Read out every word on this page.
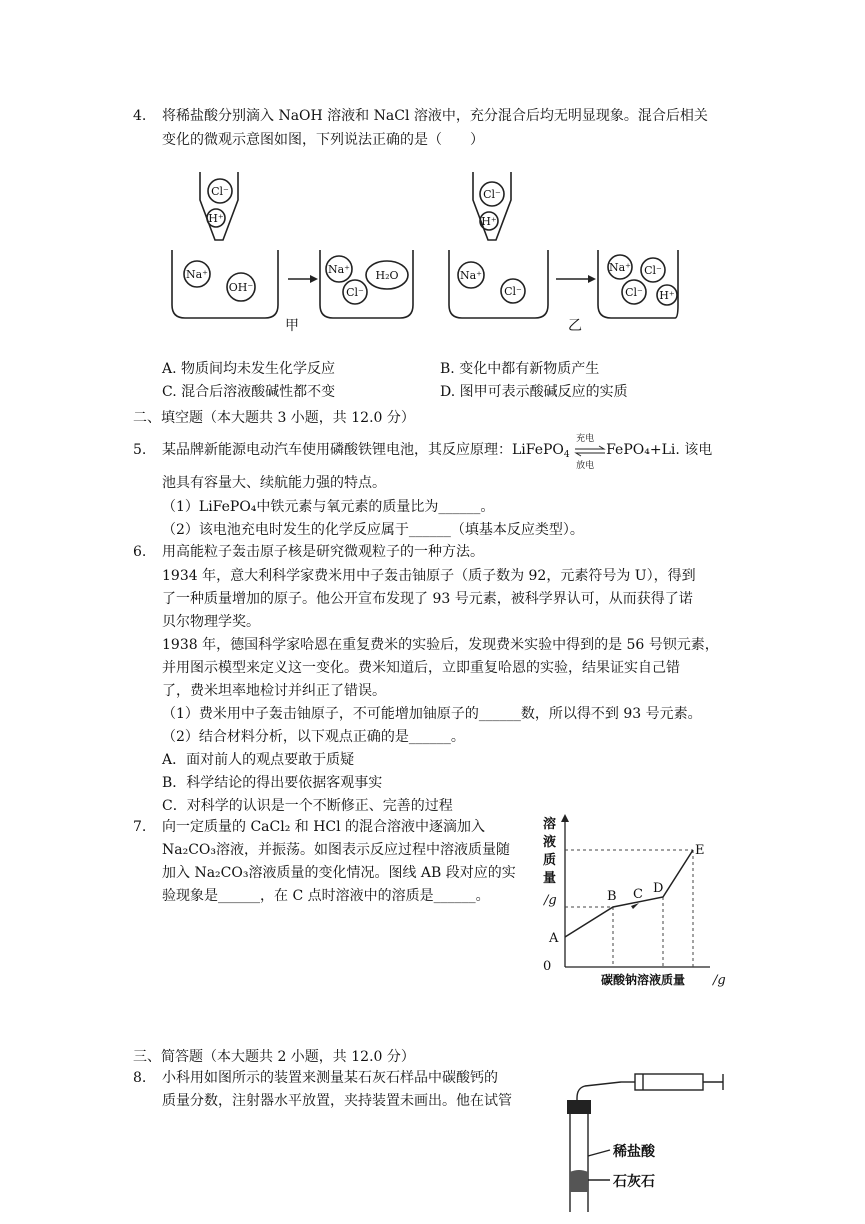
4. 将稀盐酸分别滴入 NaOH 溶液和 NaCl 溶液中，充分混合后均无明显现象。混合后相关
变化的微观示意图如图，下列说法正确的是（　　）
Cl⁻
H⁺
Na⁺
OH⁻
Na⁺ H₂O
Cl⁻
Cl⁻
H⁺
Na⁺
Cl⁻
Na⁺ Cl⁻
Cl⁻ H⁺
甲	乙
A. 物质间均未发生化学反应	B. 变化中都有新物质产生
C. 混合后溶液酸碱性都不变	D. 图甲可表示酸碱反应的实质
二、填空题（本大题共 3 小题，共 12.0 分）
5. 某品牌新能源电动汽车使用磷酸铁锂电池，其反应原理：LiFePO$_4$
充电
放电
FePO₄+Li. 该电
池具有容量大、续航能力强的特点。
（1）LiFePO₄中铁元素与氧元素的质量比为______。
（2）该电池充电时发生的化学反应属于______（填基本反应类型）。
6. 用高能粒子轰击原子核是研究微观粒子的一种方法。
1934 年，意大利科学家费米用中子轰击铀原子（质子数为 92，元素符号为 U），得到
了一种质量增加的原子。他公开宣布发现了 93 号元素，被科学界认可，从而获得了诺
贝尔物理学奖。
1938 年，德国科学家哈恩在重复费米的实验后，发现费米实验中得到的是 56 号钡元素，
并用图示模型来定义这一变化。费米知道后，立即重复哈恩的实验，结果证实自己错
了，费米坦率地检讨并纠正了错误。
（1）费米用中子轰击铀原子，不可能增加铀原子的______数，所以得不到 93 号元素。
（2）结合材料分析，以下观点正确的是______。
A．面对前人的观点要敢于质疑
B．科学结论的得出要依据客观事实
C．对科学的认识是一个不断修正、完善的过程
7. 向一定质量的 CaCl₂ 和 HCl 的混合溶液中逐滴加入
Na₂CO₃溶液，并振荡。如图表示反应过程中溶液质量随
加入 Na₂CO₃溶液质量的变化情况。图线 AB 段对应的实
验现象是______，在 C 点时溶液中的溶质是______。
溶
液
质
量
/g
A
B C D
E
0
碳酸钠溶液质量 /g
三、简答题（本大题共 2 小题，共 12.0 分）
8. 小科用如图所示的装置来测量某石灰石样品中碳酸钙的
质量分数，注射器水平放置，夹持装置未画出。他在试管
稀盐酸
石灰石
